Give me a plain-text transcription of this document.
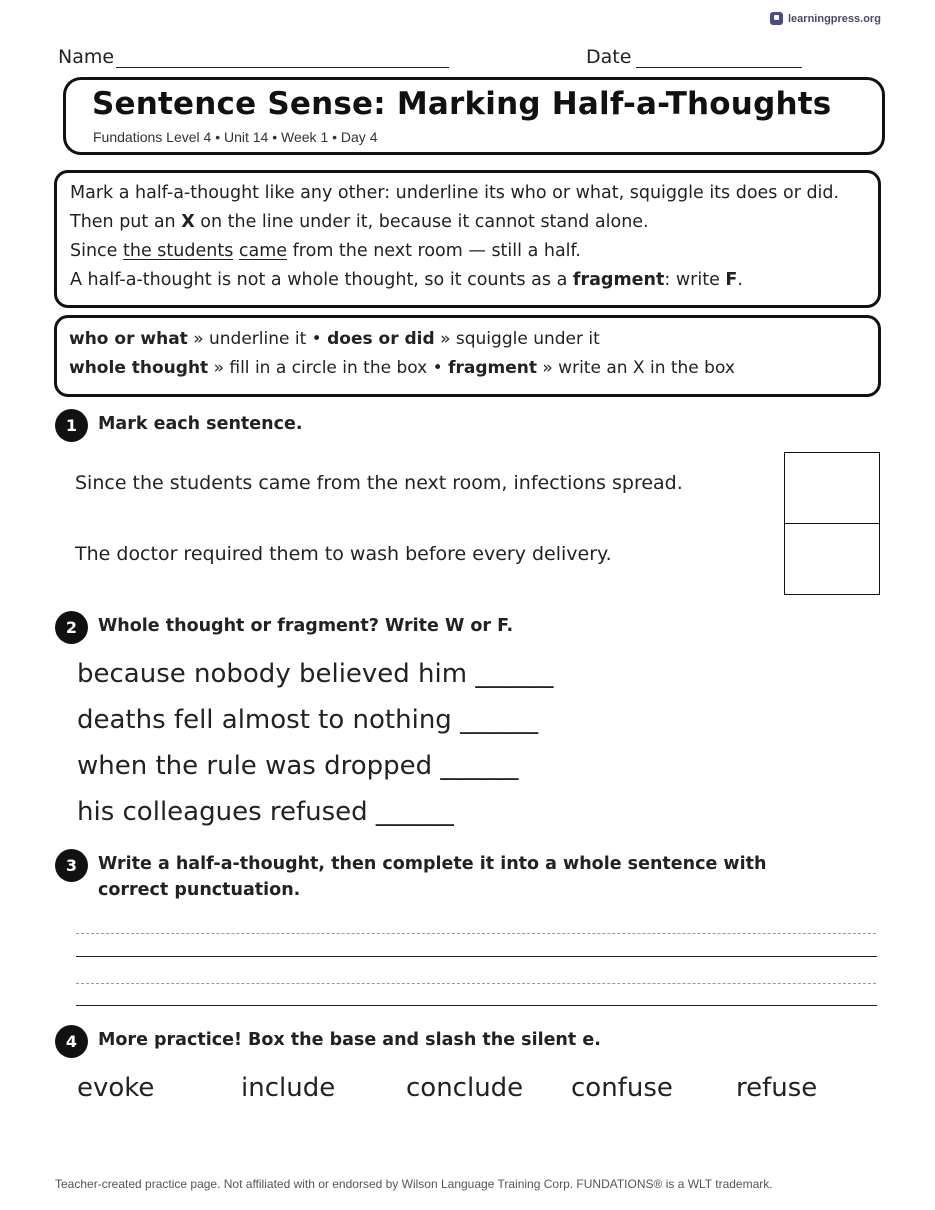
learningpress.org
Name	Date
Sentence Sense: Marking Half-a-Thoughts
Fundations Level 4 • Unit 14 • Week 1 • Day 4
Mark a half-a-thought like any other: underline its who or what, squiggle its does or did.
Then put an X on the line under it, because it cannot stand alone.
Since the students came from the next room — still a half.
A half-a-thought is not a whole thought, so it counts as a fragment: write F.
who or what » underline it • does or did » squiggle under it
whole thought » fill in a circle in the box • fragment » write an X in the box
1	Mark each sentence.
Since the students came from the next room, infections spread.
The doctor required them to wash before every delivery.
2	Whole thought or fragment? Write W or F.
because nobody believed him ______
deaths fell almost to nothing ______
when the rule was dropped ______
his colleagues refused ______
3	Write a half-a-thought, then complete it into a whole sentence with
correct punctuation.
4	More practice! Box the base and slash the silent e.
evoke	include	conclude confuse refuse
Teacher-created practice page. Not affiliated with or endorsed by Wilson Language Training Corp. FUNDATIONS® is a WLT trademark.
